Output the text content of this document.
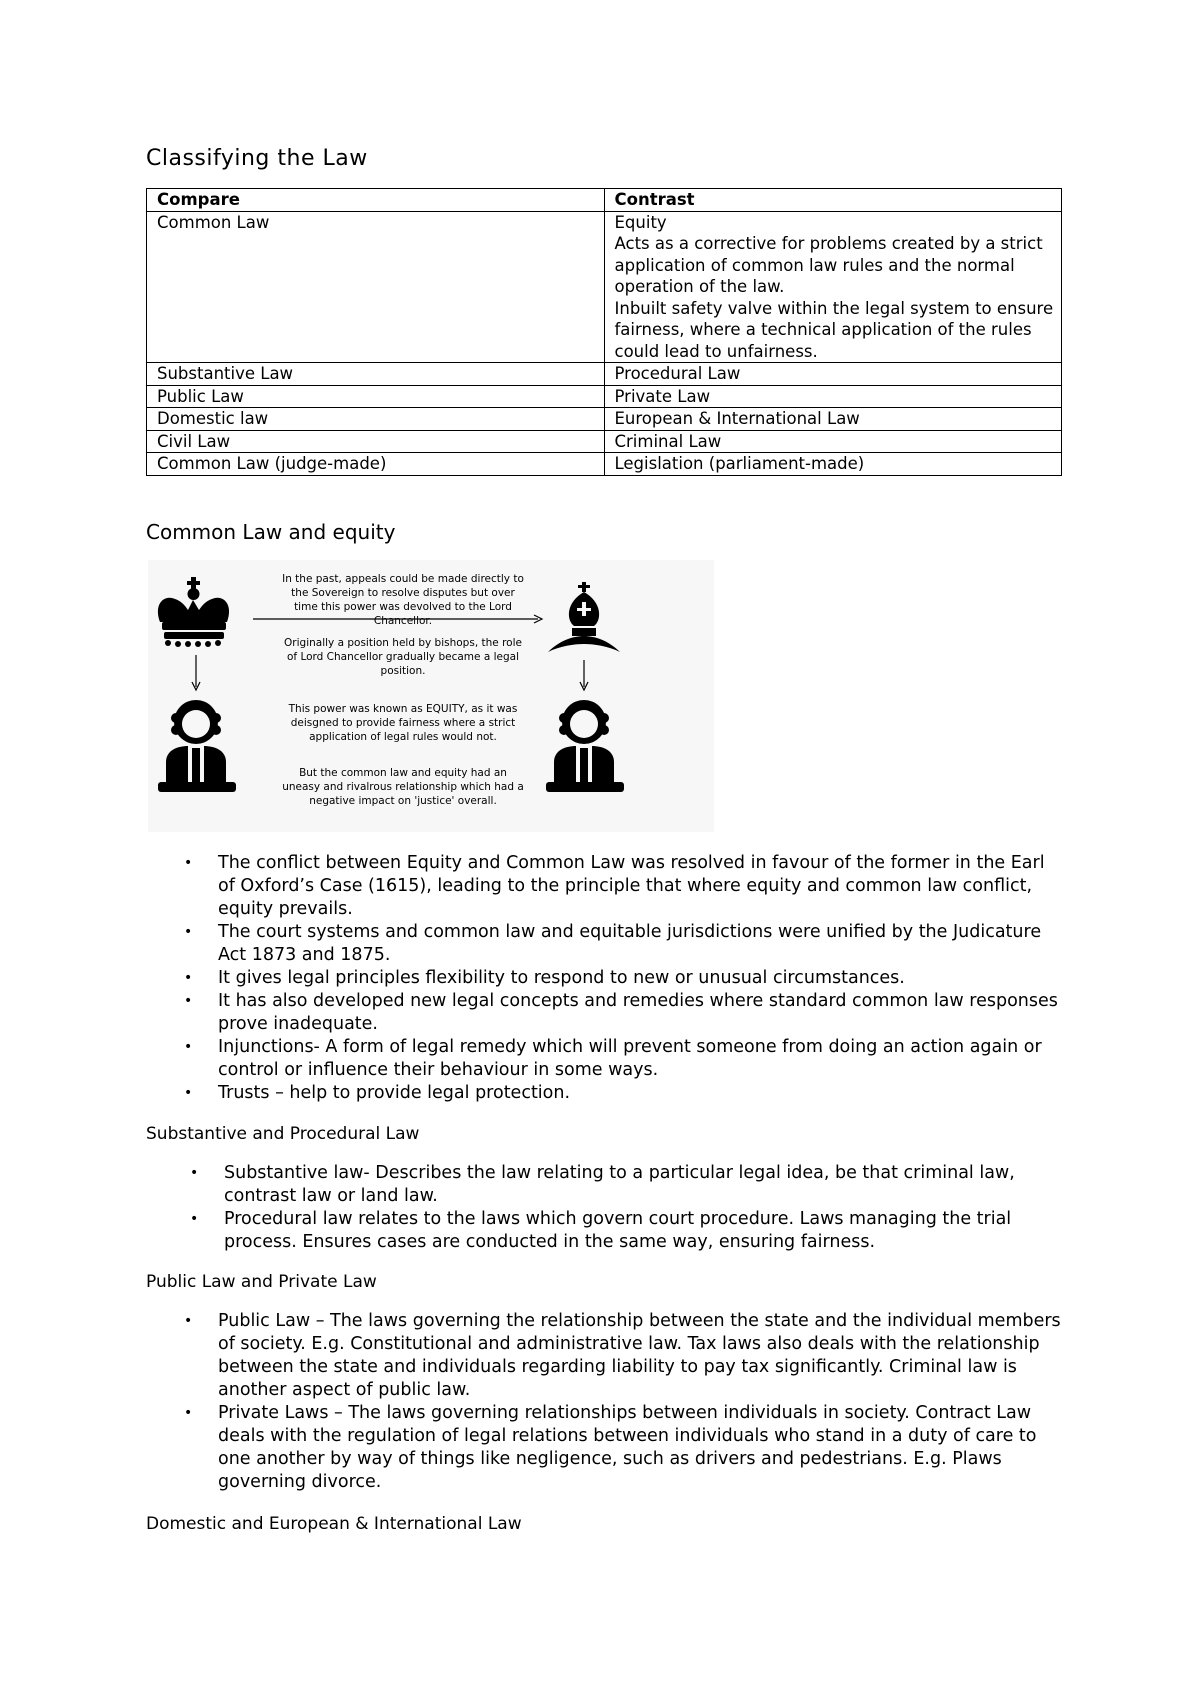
Classifying the Law
Compare	Contrast
Common Law	Equity
Acts as a corrective for problems created by a strict application of common law rules and the normal operation of the law.
Inbuilt safety valve within the legal system to ensure fairness, where a technical application of the rules could lead to unfairness.
Substantive Law	Procedural Law
Public Law	Private Law
Domestic law	European & International Law
Civil Law	Criminal Law
Common Law (judge-made)	Legislation (parliament-made)
Common Law and equity
In the past, appeals could be made directly to the Sovereign to resolve disputes but over time this power was devolved to the Lord Chancellor.
Originally a position held by bishops, the role of Lord Chancellor gradually became a legal position.
This power was known as EQUITY, as it was deisgned to provide fairness where a strict application of legal rules would not.
But the common law and equity had an uneasy and rivalrous relationship which had a negative impact on 'justice' overall.
• The conflict between Equity and Common Law was resolved in favour of the former in the Earl of Oxford’s Case (1615), leading to the principle that where equity and common law conflict, equity prevails.
• The court systems and common law and equitable jurisdictions were unified by the Judicature Act 1873 and 1875.
• It gives legal principles flexibility to respond to new or unusual circumstances.
• It has also developed new legal concepts and remedies where standard common law responses prove inadequate.
• Injunctions- A form of legal remedy which will prevent someone from doing an action again or control or influence their behaviour in some ways.
• Trusts – help to provide legal protection.
Substantive and Procedural Law
• Substantive law- Describes the law relating to a particular legal idea, be that criminal law, contrast law or land law.
• Procedural law relates to the laws which govern court procedure. Laws managing the trial process. Ensures cases are conducted in the same way, ensuring fairness.
Public Law and Private Law
• Public Law – The laws governing the relationship between the state and the individual members of society. E.g. Constitutional and administrative law. Tax laws also deals with the relationship between the state and individuals regarding liability to pay tax significantly. Criminal law is another aspect of public law.
• Private Laws – The laws governing relationships between individuals in society. Contract Law deals with the regulation of legal relations between individuals who stand in a duty of care to one another by way of things like negligence, such as drivers and pedestrians. E.g. Plaws governing divorce.
Domestic and European & International Law
